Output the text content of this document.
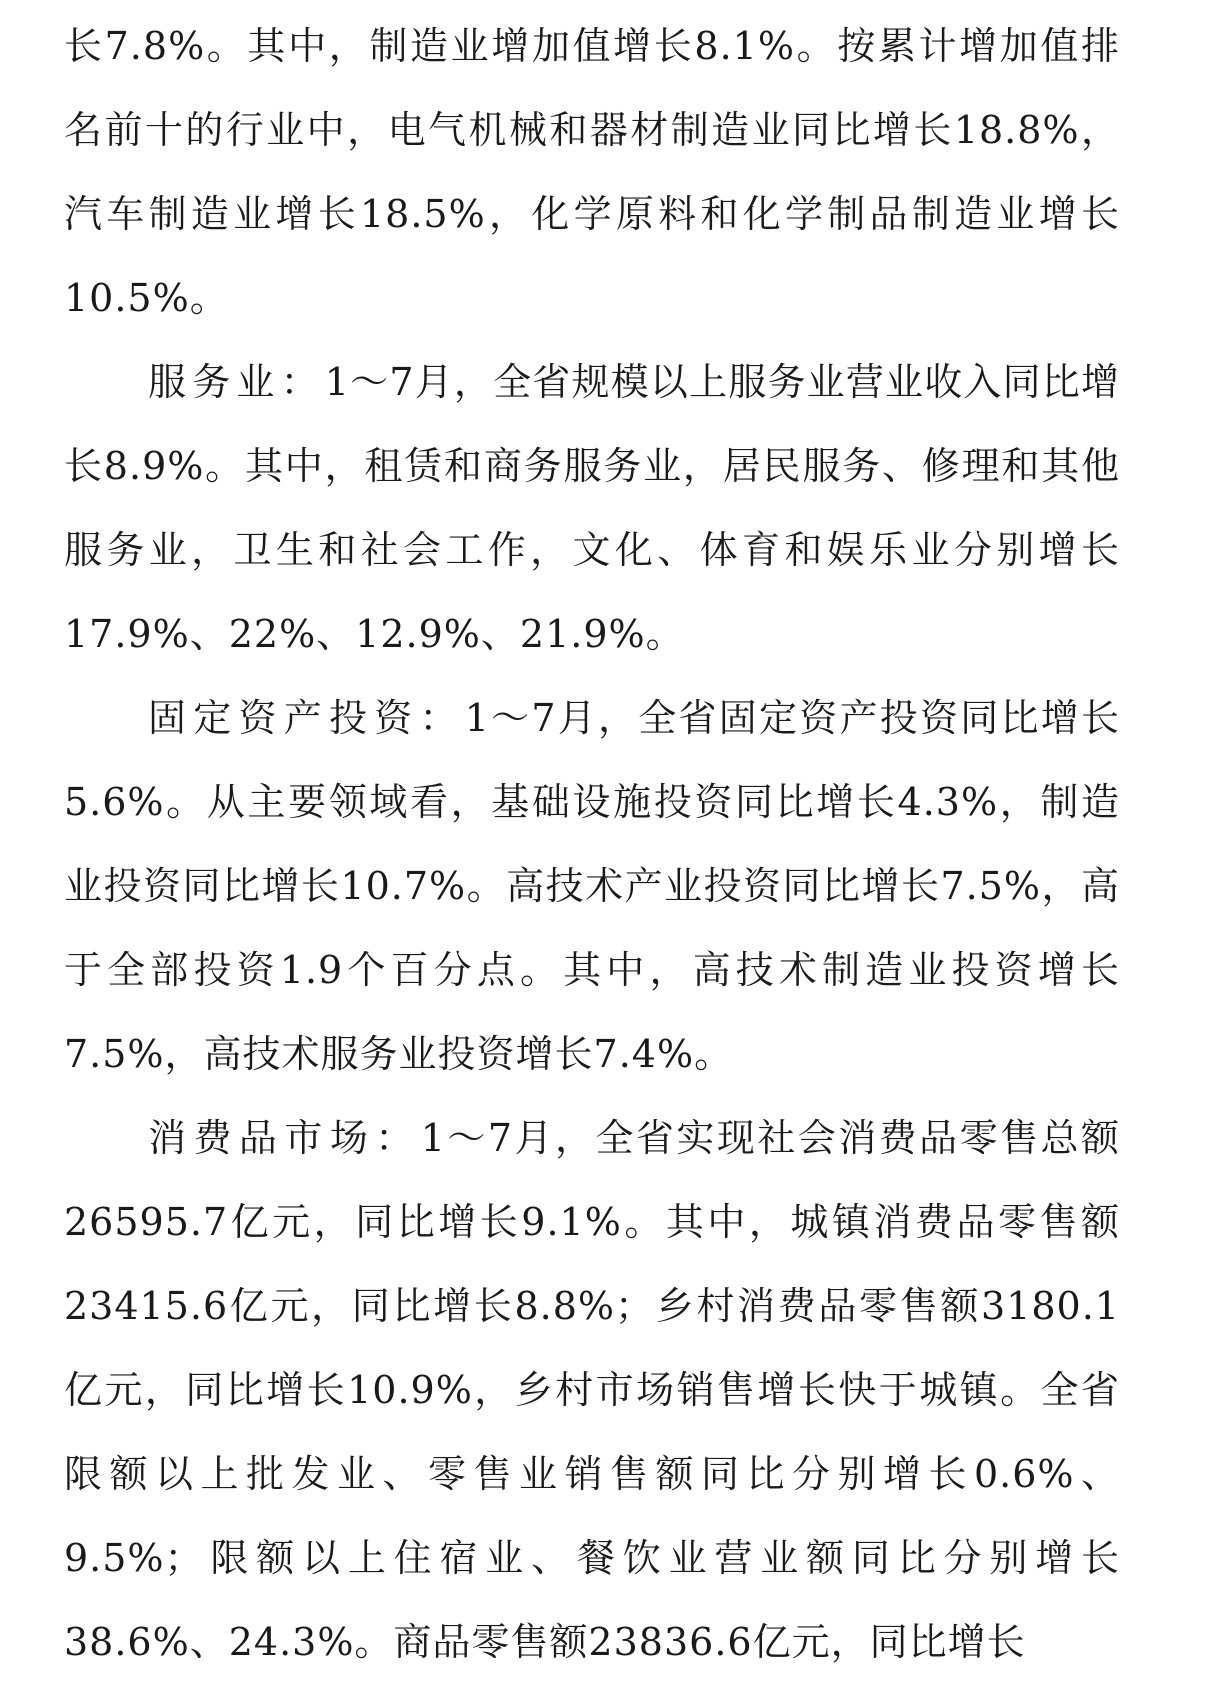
长7.8%。其中，制造业增加值增长8.1%。按累计增加值排名前十的行业中，电气机械和器材制造业同比增长18.8%，汽车制造业增长18.5%，化学原料和化学制品制造业增长10.5%。

服务业：1～7月，全省规模以上服务业营业收入同比增长8.9%。其中，租赁和商务服务业，居民服务、修理和其他服务业，卫生和社会工作，文化、体育和娱乐业分别增长17.9%、22%、12.9%、21.9%。

固定资产投资：1～7月，全省固定资产投资同比增长5.6%。从主要领域看，基础设施投资同比增长4.3%，制造业投资同比增长10.7%。高技术产业投资同比增长7.5%，高于全部投资1.9个百分点。其中，高技术制造业投资增长7.5%，高技术服务业投资增长7.4%。

消费品市场：1～7月，全省实现社会消费品零售总额26595.7亿元，同比增长9.1%。其中，城镇消费品零售额23415.6亿元，同比增长8.8%；乡村消费品零售额3180.1亿元，同比增长10.9%，乡村市场销售增长快于城镇。全省限额以上批发业、零售业销售额同比分别增长0.6%、9.5%；限额以上住宿业、餐饮业营业额同比分别增长38.6%、24.3%。商品零售额23836.6亿元，同比增长
